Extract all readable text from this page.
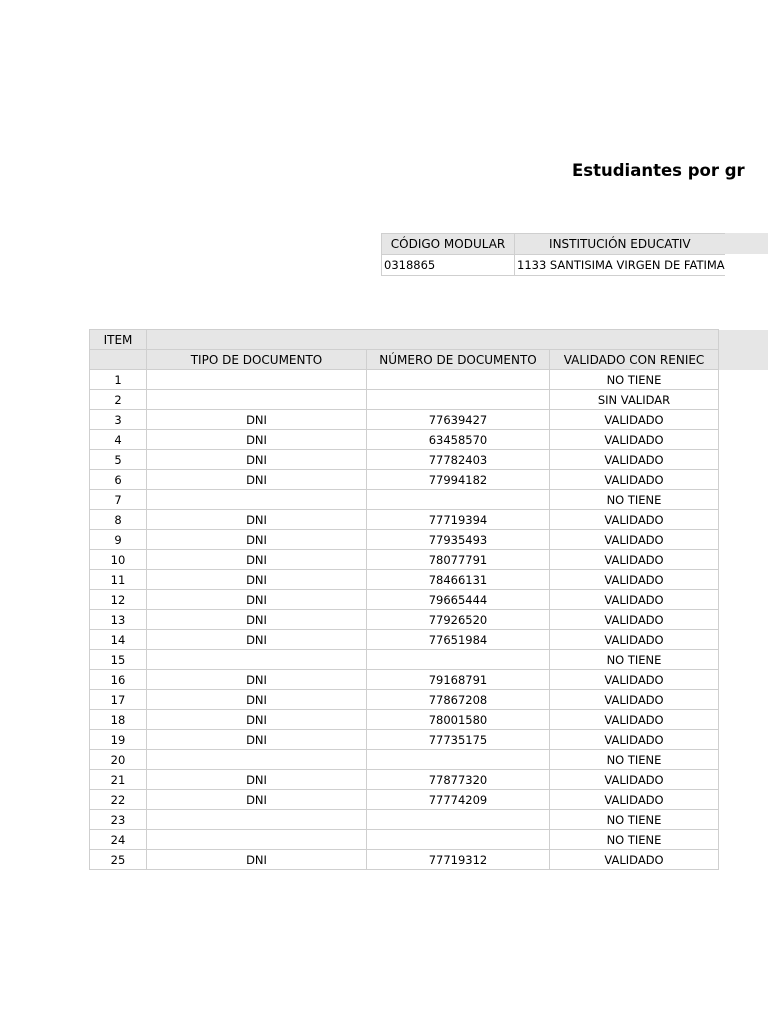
Estudiantes por gr
CÓDIGO MODULAR	INSTITUCIÓN EDUCATIV
0318865	1133 SANTISIMA VIRGEN DE FATIMA
ITEM			
	TIPO DE DOCUMENTO	NÚMERO DE DOCUMENTO	VALIDADO CON RENIEC
1			NO TIENE
2			SIN VALIDAR
3	DNI	77639427	VALIDADO
4	DNI	63458570	VALIDADO
5	DNI	77782403	VALIDADO
6	DNI	77994182	VALIDADO
7			NO TIENE
8	DNI	77719394	VALIDADO
9	DNI	77935493	VALIDADO
10	DNI	78077791	VALIDADO
11	DNI	78466131	VALIDADO
12	DNI	79665444	VALIDADO
13	DNI	77926520	VALIDADO
14	DNI	77651984	VALIDADO
15			NO TIENE
16	DNI	79168791	VALIDADO
17	DNI	77867208	VALIDADO
18	DNI	78001580	VALIDADO
19	DNI	77735175	VALIDADO
20			NO TIENE
21	DNI	77877320	VALIDADO
22	DNI	77774209	VALIDADO
23			NO TIENE
24			NO TIENE
25	DNI	77719312	VALIDADO
